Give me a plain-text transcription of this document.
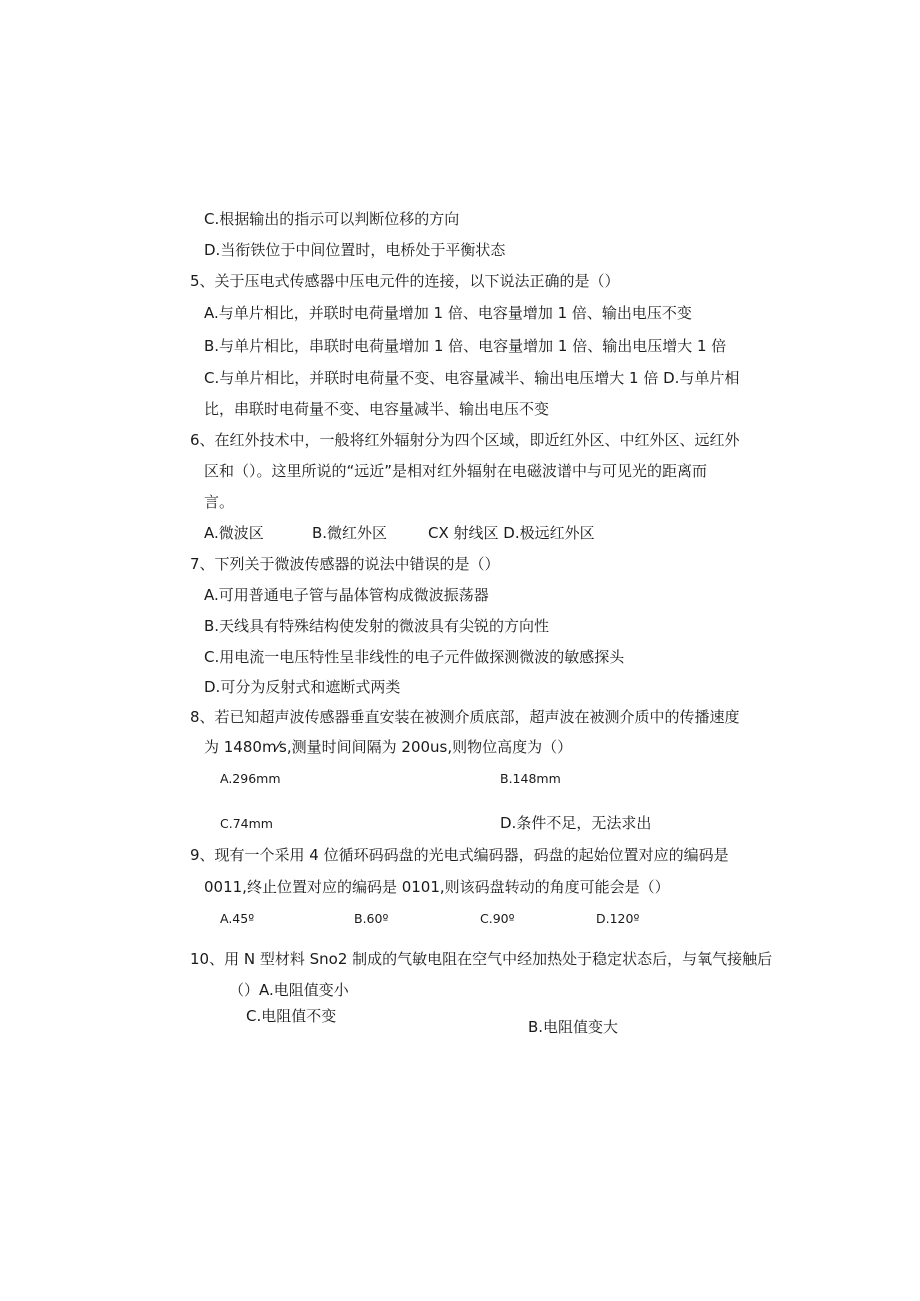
C.根据输出的指示可以判断位移的方向
D.当衔铁位于中间位置时，电桥处于平衡状态
5、关于压电式传感器中压电元件的连接，以下说法正确的是（）
A.与单片相比，并联时电荷量增加 1 倍、电容量增加 1 倍、输出电压不变
B.与单片相比，串联时电荷量增加 1 倍、电容量增加 1 倍、输出电压增大 1 倍
C.与单片相比，并联时电荷量不变、电容量减半、输出电压增大 1 倍 D.与单片相
比，串联时电荷量不变、电容量减半、输出电压不变
6、在红外技术中，一般将红外辐射分为四个区域，即近红外区、中红外区、远红外
区和（）。这里所说的“远近”是相对红外辐射在电磁波谱中与可见光的距离而
言。
A.微波区	B.微红外区	CX 射线区 D.极远红外区
7、下列关于微波传感器的说法中错误的是（）
A.可用普通电子管与晶体管构成微波振荡器
B.天线具有特殊结构使发射的微波具有尖锐的方向性
C.用电流一电压特性呈非线性的电子元件做探测微波的敏感探头
D.可分为反射式和遮断式两类
8、若已知超声波传感器垂直安装在被测介质底部，超声波在被测介质中的传播速度
为 1480m⁄s,测量时间间隔为 200us,则物位高度为（）
A.296mm	B.148mm
C.74mm	D.条件不足，无法求出
9、现有一个采用 4 位循环码码盘的光电式编码器，码盘的起始位置对应的编码是
0011,终止位置对应的编码是 0101,则该码盘转动的角度可能会是（）
A.45º	B.60º	C.90º	D.120º
10、用 N 型材料 Sno2 制成的气敏电阻在空气中经加热处于稳定状态后，与氧气接触后
（）A.电阻值变小
C.电阻值不变
B.电阻值变大
